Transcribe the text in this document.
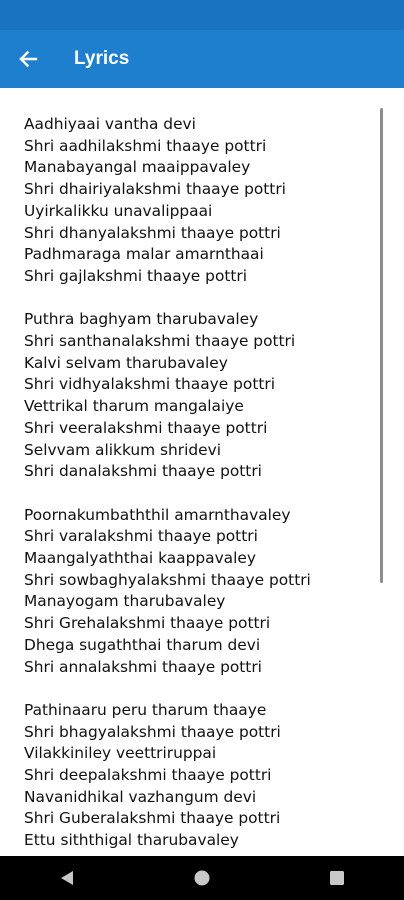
Lyrics
Aadhiyaai vantha devi
Shri aadhilakshmi thaaye pottri
Manabayangal maaippavaley
Shri dhairiyalakshmi thaaye pottri
Uyirkalikku unavalippaai
Shri dhanyalakshmi thaaye pottri
Padhmaraga malar amarnthaai
Shri gajlakshmi thaaye pottri
Puthra baghyam tharubavaley
Shri santhanalakshmi thaaye pottri
Kalvi selvam tharubavaley
Shri vidhyalakshmi thaaye pottri
Vettrikal tharum mangalaiye
Shri veeralakshmi thaaye pottri
Selvvam alikkum shridevi
Shri danalakshmi thaaye pottri
Poornakumbaththil amarnthavaley
Shri varalakshmi thaaye pottri
Maangalyaththai kaappavaley
Shri sowbaghyalakshmi thaaye pottri
Manayogam tharubavaley
Shri Grehalakshmi thaaye pottri
Dhega sugaththai tharum devi
Shri annalakshmi thaaye pottri
Pathinaaru peru tharum thaaye
Shri bhagyalakshmi thaaye pottri
Vilakkiniley veettriruppai
Shri deepalakshmi thaaye pottri
Navanidhikal vazhangum devi
Shri Guberalakshmi thaaye pottri
Ettu siththigal tharubavaley
